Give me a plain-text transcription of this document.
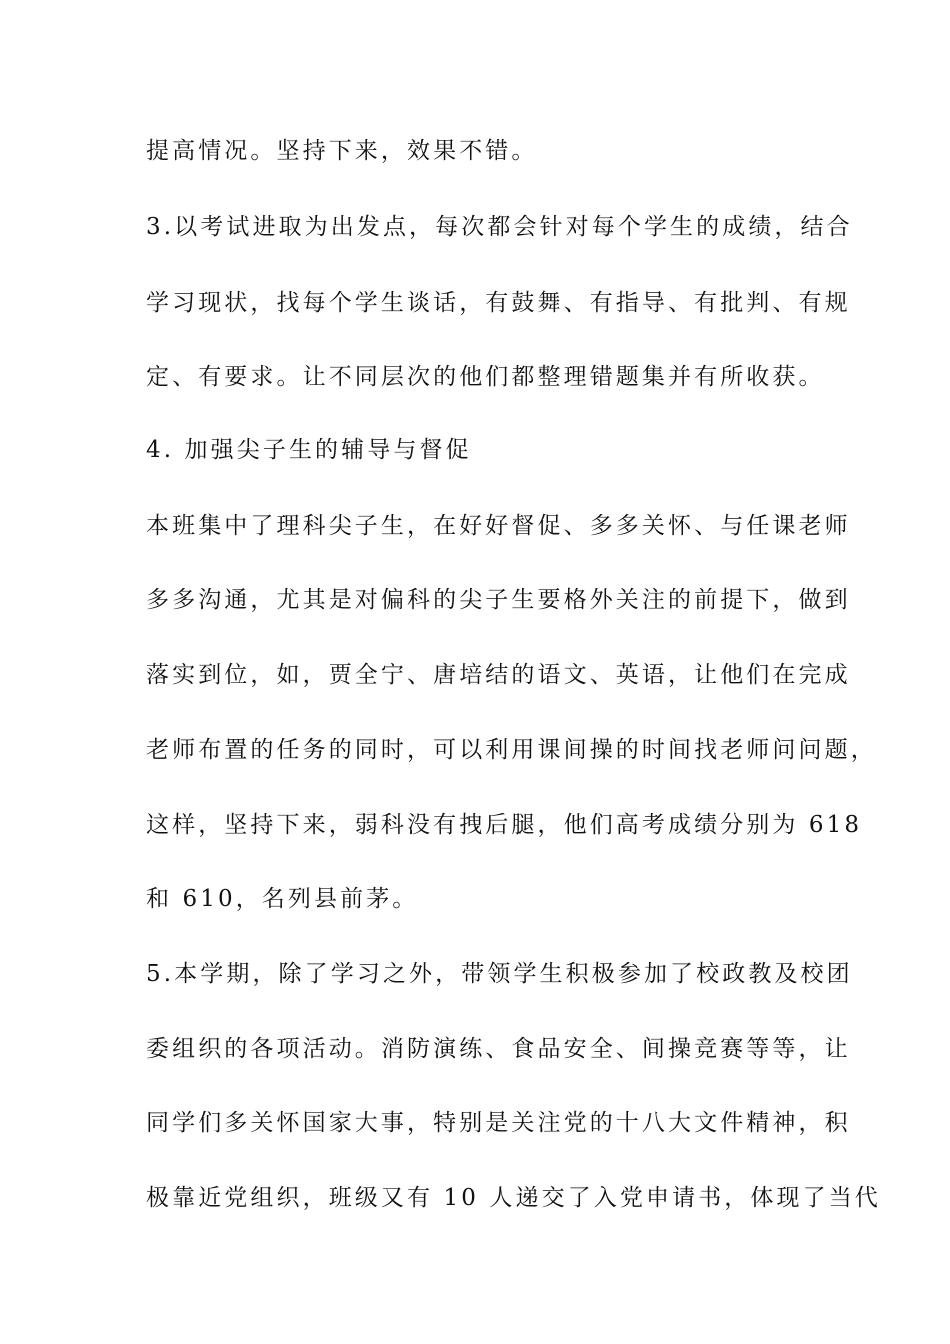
提高情况。坚持下来，效果不错。
3.以考试进取为出发点，每次都会针对每个学生的成绩，结合
学习现状，找每个学生谈话，有鼓舞、有指导、有批判、有规
定、有要求。让不同层次的他们都整理错题集并有所收获。
4. 加强尖子生的辅导与督促
本班集中了理科尖子生，在好好督促、多多关怀、与任课老师
多多沟通，尤其是对偏科的尖子生要格外关注的前提下，做到
落实到位，如，贾全宁、唐培结的语文、英语，让他们在完成
老师布置的任务的同时，可以利用课间操的时间找老师问问题，
这样，坚持下来，弱科没有拽后腿，他们高考成绩分别为 618
和 610，名列县前茅。
5.本学期，除了学习之外，带领学生积极参加了校政教及校团
委组织的各项活动。消防演练、食品安全、间操竞赛等等，让
同学们多关怀国家大事，特别是关注党的十八大文件精神，积
极靠近党组织，班级又有 10 人递交了入党申请书，体现了当代
